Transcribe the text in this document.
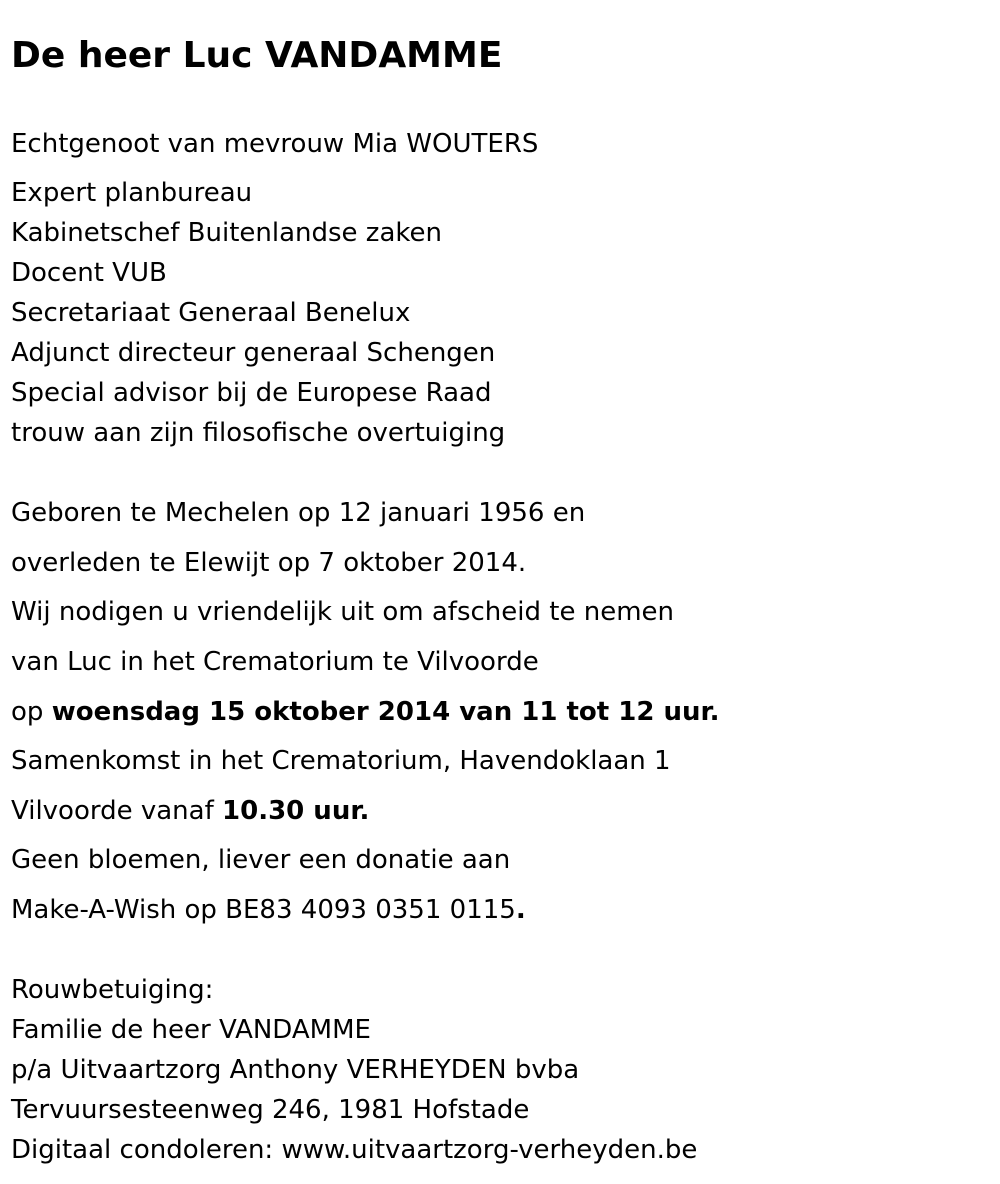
De heer Luc VANDAMME

Echtgenoot van mevrouw Mia WOUTERS

Expert planbureau

Kabinetschef Buitenlandse zaken

Docent VUB

Secretariaat Generaal Benelux

Adjunct directeur generaal Schengen

Special advisor bij de Europese Raad

trouw aan zijn filosofische overtuiging

Geboren te Mechelen op 12 januari 1956 en

overleden te Elewijt op 7 oktober 2014.

Wij nodigen u vriendelijk uit om afscheid te nemen

van Luc in het Crematorium te Vilvoorde

op woensdag 15 oktober 2014 van 11 tot 12 uur.

Samenkomst in het Crematorium, Havendoklaan 1

Vilvoorde vanaf 10.30 uur.

Geen bloemen, liever een donatie aan

Make-A-Wish op BE83 4093 0351 0115.

Rouwbetuiging:

Familie de heer VANDAMME

p/a Uitvaartzorg Anthony VERHEYDEN bvba

Tervuursesteenweg 246, 1981 Hofstade

Digitaal condoleren: www.uitvaartzorg-verheyden.be
